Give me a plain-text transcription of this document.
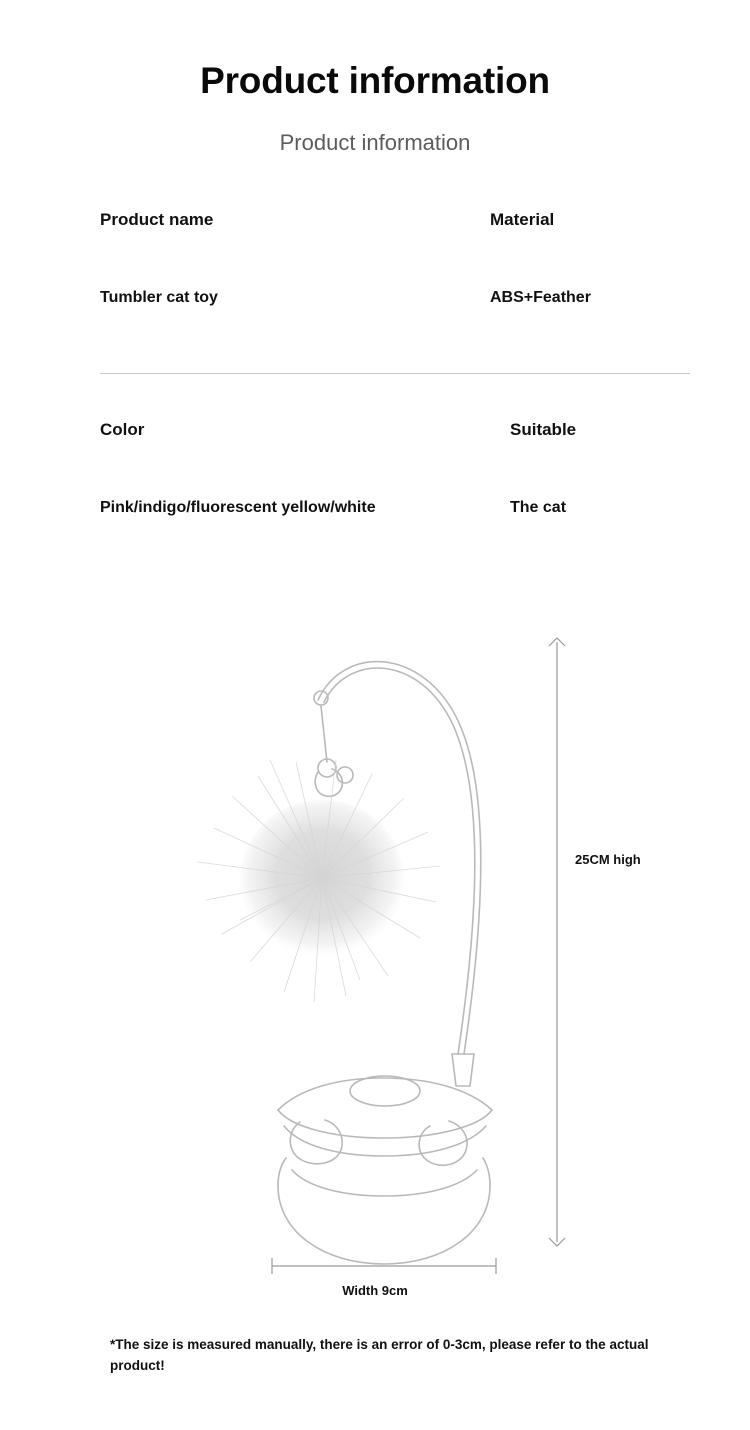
Product information
Product information
Product name	Material
Tumbler cat toy	ABS+Feather
Color	Suitable
Pink/indigo/fluorescent yellow/white	The cat
25CM high
Width 9cm
*The size is measured manually, there is an error of 0-3cm, please refer to the actual product!
